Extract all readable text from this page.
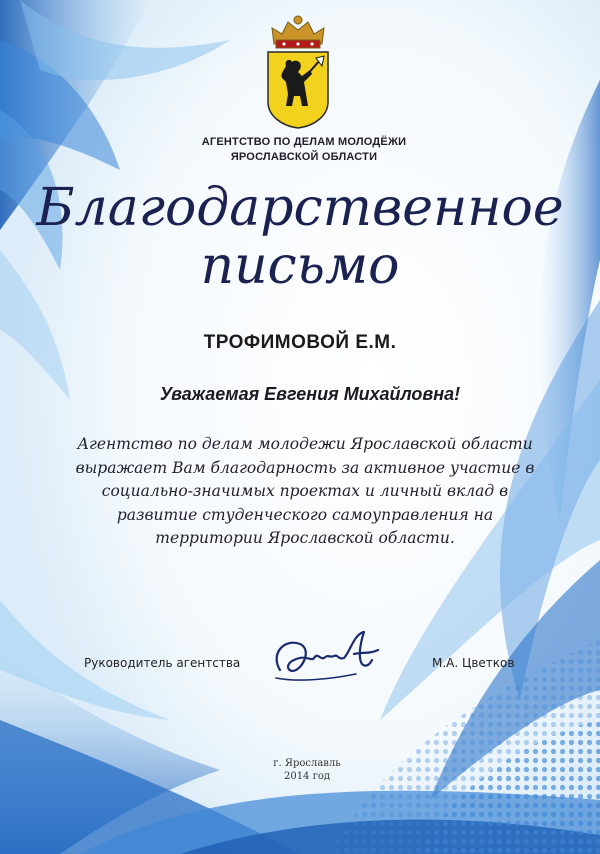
АГЕНТСТВО ПО ДЕЛАМ МОЛОДЁЖИ
ЯРОСЛАВСКОЙ ОБЛАСТИ
Благодарственное
письмо
ТРОФИМОВОЙ Е.М.
Уважаемая Евгения Михайловна!
Агентство по делам молодежи Ярославской области
выражает Вам благодарность за активное участие в
социально-значимых проектах и личный вклад в
развитие студенческого самоуправления на
территории Ярославской области.
Руководитель агентства	М.А. Цветков
г. Ярославль
2014 год
